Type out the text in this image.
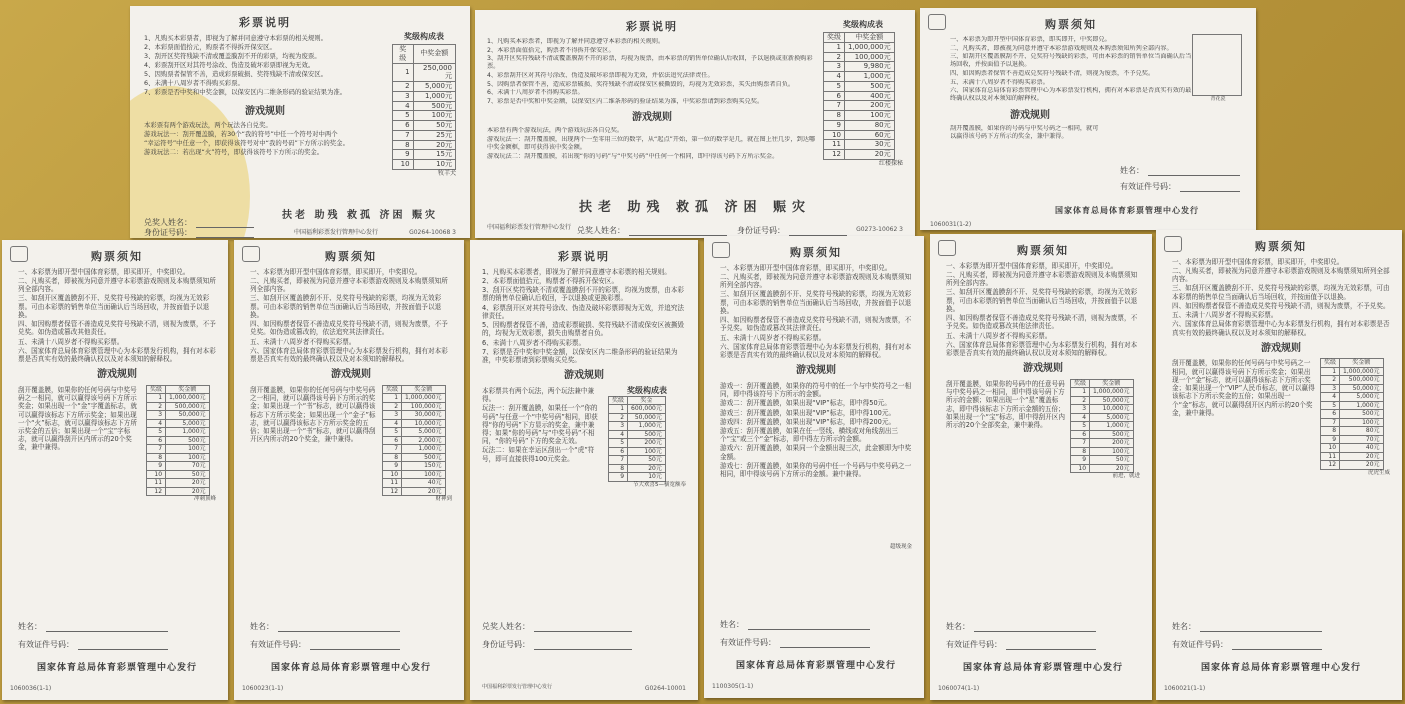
彩票说明
1、凡购买本彩票者，即视为了解并同意遵守本彩票的相关规则。
2、本彩票面值拾元，购票者不得拆开保安区。
3、刮开区奖符残缺不清或覆盖膜刮不开的彩票，均视为废票。
4、彩票刮开区对其符号涂改、伪造及破坏彩票即视为无效。
5、因购票者保管不善，造成彩票破损、奖符残缺不清或保安区。
6、未满十八周岁者不得购买彩票。
7、彩票是否中奖和中奖金额，以保安区内二维条形码的验证结果为准。
游戏规则
本彩票有两个游戏玩法，两个玩法各自兑奖。
游戏玩法一：刮开覆盖膜，若30个“我的符号”中任一个符号对中两个
“幸运符号”中任意一个，即获得该符号对中“我的号码”下方所示的奖金。
游戏玩法二：若出现“火”符号，即获得该符号下方所示的奖金。
奖级构成表
奖级	中奖金额
1	250,000元
2	5,000元
3	1,000元
4	500元
5	100元
6	50元
7	25元
8	20元
9	15元
10	10元
牧羊犬
扶老 助残 救孤 济困 赈灾
兑奖人姓名：
身份证号码：	中国福利彩票发行管理中心发行	G0264-10068 3
彩票说明
1、凡购买本彩票者，即视为了解并同意遵守本彩票的相关规则。
2、本彩票面值拾元，购票者不得拆开保安区。
3、刮开区奖符残缺不清或覆盖膜刮不开的彩票，均视为废票，由本彩票的销售单位确认后收回，予以退换或重新换购彩票。
4、彩票刮开区对其符号涂改、伪造及破坏彩票即视为无效，并依法追究法律责任。
5、因购票者保管不善，造成彩票破损、奖符残缺不清或保安区被撕毁的，均视为无效彩票，买失由购票者自负。
6、未满十八周岁者不得购买彩票。
7、彩票是否中奖和中奖金额，以保安区内二维条形码的验证结果为准，中奖彩票请到彩票购买兑奖。
游戏规则
本彩票有两个游戏玩法，两个游戏玩法各自兑奖。
游戏玩法一：刮开覆盖膜，出现两个一至零用三位的数字，从“起点”开始，第一位的数字是几，就在图上往几步，到达哪中奖金额框，即可获得该中奖金额。
游戏玩法二：刮开覆盖膜，若出现“你的号码”与“中奖号码”中任何一个相同，即中得该号码下方所示奖金。
奖级构成表
奖级	中奖金额
1	1,000,000元
2	100,000元
3	9,980元
4	1,000元
5	500元
6	400元
7	200元
8	100元
9	80元
10	60元
11	30元
12	20元
红楼探秘
扶老 助残 救孤 济困 赈灾
中国福利彩票发行管理中心发行 兑奖人姓名：	身份证号码：	G0273-10062 3
购票须知
一、本彩票为即开型中国体育彩票，即买即开，中奖即兑。
二、凡购买者，即被视为同意并遵守本彩票游戏规则及本购票须知所列全部内容。
三、如刮开区覆盖膜刮不开、兑奖符号残缺的彩票，可由本彩票的销售单位当面确认后当场回收，并按面值予以退换。
四、如因购票者保管不善造成兑奖符号残缺不清，则视为废票，不予兑奖。
五、未满十八周岁者不得购买彩票。
六、国家体育总局体育彩票管理中心为本彩票发行机构，拥有对本彩票是否真实有效的最终确认权以及对本须知的解释权。	青花瓷
游戏规则
刮开覆盖膜，如果你的号码与中奖号码之一相同，就可以赢得该号码下方所示的奖金，兼中兼得。
姓名：
有效证件号码：
国家体育总局体育彩票管理中心发行
1060031(1-2)
购票须知
一、本彩票为即开型中国体育彩票，即买即开，中奖即兑。
二、凡购买者，即被视为同意并遵守本彩票游戏规则及本购票须知所列全部内容。
三、如刮开区覆盖膜刮不开、兑奖符号残缺的彩票，均视为无效彩票。可由本彩票的销售单位当面确认后当场回收，并按面值予以退换。
四、如因购票者保管不善造成兑奖符号残缺不清，则视为废票，不予兑奖。如伪造或篡改其他责任。
五、未满十八周岁者不得购买彩票。
六、国家体育总局体育彩票管理中心为本彩票发行机构，拥有对本彩票是否真实有效的最终确认权以及对本须知的解释权。
游戏规则
刮开覆盖膜，如果你的任何号码与中奖号码之一相同，就可以赢得该号码下方所示奖金；如果出现一个“金”字覆盖标志，就可以赢得该标志下方所示奖金；如果出现一个“火”标志，就可以赢得该标志下方所示奖金的五倍；如果出现一个“宝”字标志，就可以赢得刮开区内所示的20个奖金，兼中兼得。
奖级	奖金额
1	1,000,000元
2	500,000元
3	50,000元
4	5,000元
5	1,000元
6	500元
7	100元
8	100元
9	70元
10	50元
11	20元
12	20元
冲刺顶峰
姓名：
有效证件号码：
国家体育总局体育彩票管理中心发行
1060036(1-1)
购票须知
一、本彩票为即开型中国体育彩票，即买即开，中奖即兑。
二、凡购买者，即被视为同意并遵守本彩票游戏规则及本购票须知所列全部内容。
三、如刮开区覆盖膜刮不开、兑奖符号残缺的彩票，均视为无效彩票。可由本彩票的销售单位当面确认后当场回收，并按面值予以退换。
四、如因购票者保管不善造成兑奖符号残缺不清，则视为废票，不予兑奖。如伪造或篡改的，依法追究其法律责任。
五、未满十八周岁者不得购买彩票。
六、国家体育总局体育彩票管理中心为本彩票发行机构，拥有对本彩票是否真实有效的最终确认权以及对本须知的解释权。
游戏规则
刮开覆盖膜，如果你的任何号码与中奖号码之一相同，就可以赢得该号码下方所示的奖金；如果出现一个“书”标志，就可以赢得该标志下方所示奖金；如果出现一个“金子”标志，就可以赢得该标志下方所示奖金的五倍；如果出现一个“书”标志，就可以赢得刮开区内所示的20个奖金，兼中兼得。
奖级	奖金额
1	1,000,000元
2	100,000元
3	30,000元
4	10,000元
5	5,000元
6	2,000元
7	1,000元
8	500元
9	150元
10	100元
11	40元
12	20元
财神到
姓名：
有效证件号码：
国家体育总局体育彩票管理中心发行
1060023(1-1)
彩票说明
1、凡购买本彩票者，即视为了解并同意遵守本彩票的相关规则。
2、本彩票面值拾元，购票者不得拆开保安区。
3、刮开区奖符残缺不清或覆盖膜刮不开的彩票，均视为废票，由本彩票的销售单位确认后收回，予以退换或更换彩票。
4、彩票刮开区对其符号涂改、伪造及破坏彩票即视为无效，并追究法律责任。
5、因购票者保管不善，造成彩票破损、奖符残缺不清或保安区被撕毁的，均视为无效彩票，损失由购票者自负。
6、未满十八周岁者不得购买彩票。
7、彩票是否中奖和中奖金额，以保安区内二维条形码的验证结果为准，中奖彩票请到彩票购买兑奖。
游戏规则
本彩票共有两个玩法，两个玩法兼中兼得。
玩法一：刮开覆盖膜，如果任一个“你的号码”与任意一个“中奖号码”相同，即获得“你的号码”下方显示的奖金，兼中兼得；如果“你的号码”与“中奖号码”不相同，“你的号码”下方的奖金无效。
玩法二：如果在幸运区刮出一个“虎”符号，即可直接获得100元奖金。
奖级构成表
奖级	奖金
1	600,000元
2	50,000元
3	1,000元
4	500元
5	200元
6	100元
7	50元
8	20元
9	10元
节大欢喜5—横宽额奉
兑奖人姓名：
身份证号码：
中国福利彩票发行管理中心发行	G0264-10001
购票须知
一、本彩票为即开型中国体育彩票，即买即开，中奖即兑。
二、凡购买者，即被视为同意并遵守本彩票游戏规则及本购票须知所列全部内容。
三、如刮开区覆盖膜刮不开、兑奖符号残缺的彩票，均视为无效彩票，可由本彩票的销售单位当面确认后当场回收，并按面值予以退换。
四、如因购票者保管不善造成兑奖符号残缺不清，则视为废票，不予兑奖。如伪造或篡改其法律责任。
五、未满十八周岁者不得购买彩票。
六、国家体育总局体育彩票管理中心为本彩票发行机构，拥有对本彩票是否真实有效的最终确认权以及对本须知的解释权。
游戏规则
超级现金
游戏一：刮开覆盖膜，如果你的符号中的任一个与中奖符号之一相同，即中得该符号下方所示的金额。
游戏二：刮开覆盖膜，如果出现“VIP”标志，即中得50元。
游戏三：刮开覆盖膜，如果出现“VIP”标志，即中得100元。
游戏四：刮开覆盖膜，如果出现“VIP”标志，即中得200元。
游戏五：刮开覆盖膜，如果在任一竖线、横线或对角线刮出三个“宝”或三个“金”标志，即中得左方所示的金额。
游戏六：刮开覆盖膜，如果同一个金额出现三次，此金额即为中奖金额。
游戏七：刮开覆盖膜，如果你的号码中任一个号码与中奖号码之一相同，即中得该号码下方所示的金额。兼中兼得。
姓名：
有效证件号码：
国家体育总局体育彩票管理中心发行
1100305(1-1)
购票须知
一、本彩票为即开型中国体育彩票，即买即开，中奖即兑。
二、凡购买者，即被视为同意并遵守本彩票游戏规则及本购票须知所列全部内容。
三、如刮开区覆盖膜刮不开、兑奖符号残缺的彩票，均视为无效彩票，可由本彩票的销售单位当面确认后当场回收，并按面值予以退换。
四、如因购票者保管不善造成兑奖符号残缺不清，则视为废票，不予兑奖。如伪造或篡改其他法律责任。
五、未满十八周岁者不得购买彩票。
六、国家体育总局体育彩票管理中心为本彩票发行机构，拥有对本彩票是否真实有效的最终确认权以及对本须知的解释权。
游戏规则
刮开覆盖膜，如果你的号码中的任意号码与中奖号码之一相同，即中得该号码下方所示的金额；如果出现一个“星”覆盖标志，即中得该标志下方所示金额的五倍；如果出现一个“宝”标志，即中得刮开区内所示的20个全部奖金，兼中兼得。
奖级	奖金额
1	1,000,000元
2	50,000元
3	10,000元
4	5,000元
5	1,000元
6	500元
7	200元
8	100元
9	50元
10	20元
前进，就进
姓名：
有效证件号码：
国家体育总局体育彩票管理中心发行
1060074(1-1)
购票须知
一、本彩票为即开型中国体育彩票，即买即开，中奖即兑。
二、凡购买者，即被视为同意并遵守本彩票游戏规则及本购票须知所列全部内容。
三、如刮开区覆盖膜刮不开、兑奖符号残缺的彩票，均视为无效彩票，可由本彩票的销售单位当面确认后当场回收，并按面值予以退换。
四、如因购票者保管不善造成兑奖符号残缺不清，则视为废票，不予兑奖。
五、未满十八周岁者不得购买彩票。
六、国家体育总局体育彩票管理中心为本彩票发行机构，拥有对本彩票是否真实有效的最终确认权以及对本须知的解释权。
游戏规则
刮开覆盖膜，如果你的任何号码与中奖号码之一相同，就可以赢得该号码下方所示奖金；如果出现一个“金”标志，就可以赢得该标志下方所示奖金；如果出现一个“VIP”人民币标志，就可以赢得该标志下方所示奖金的五倍；如果出现一个“金”标志，就可以赢得刮开区内所示的20个奖金，兼中兼得。
奖级	奖金额
1	1,000,000元
2	500,000元
3	50,000元
4	5,000元
5	1,000元
6	500元
7	100元
8	80元
9	70元
10	40元
11	20元
12	20元
虎虎生威
姓名：
有效证件号码：
国家体育总局体育彩票管理中心发行
1060021(1-1)
